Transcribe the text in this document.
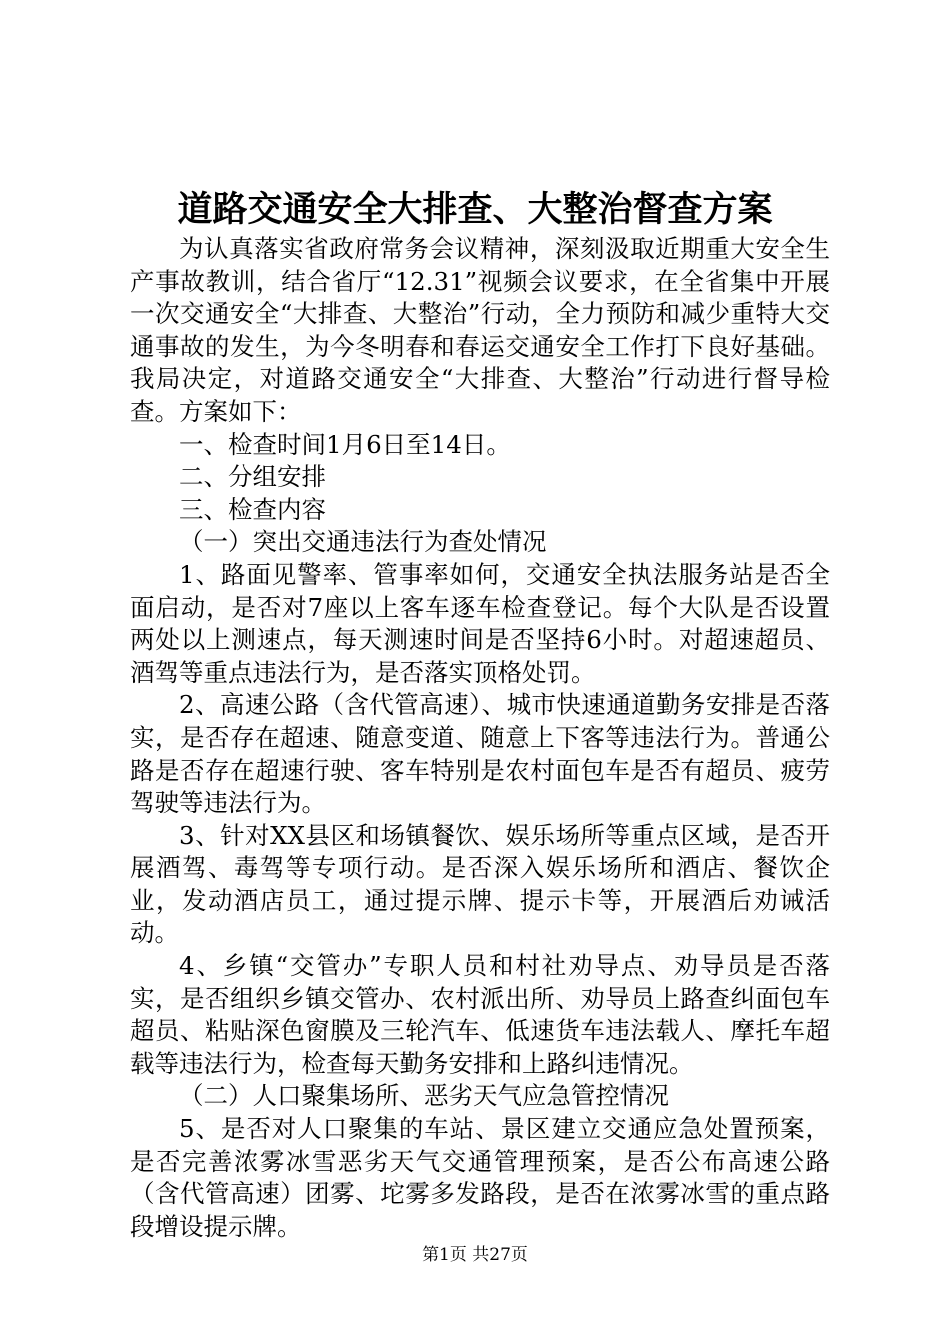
道路交通安全大排查、大整治督查方案

为认真落实省政府常务会议精神，深刻汲取近期重大安全生产事故教训，结合省厅“12.31”视频会议要求，在全省集中开展一次交通安全“大排查、大整治”行动，全力预防和减少重特大交通事故的发生，为今冬明春和春运交通安全工作打下良好基础。我局决定，对道路交通安全“大排查、大整治”行动进行督导检查。方案如下：

一、检查时间1月6日至14日。

二、分组安排

三、检查内容

（一）突出交通违法行为查处情况

1、路面见警率、管事率如何，交通安全执法服务站是否全面启动，是否对7座以上客车逐车检查登记。每个大队是否设置两处以上测速点，每天测速时间是否坚持6小时。对超速超员、酒驾等重点违法行为，是否落实顶格处罚。

2、高速公路（含代管高速）、城市快速通道勤务安排是否落实，是否存在超速、随意变道、随意上下客等违法行为。普通公路是否存在超速行驶、客车特别是农村面包车是否有超员、疲劳驾驶等违法行为。

3、针对XX县区和场镇餐饮、娱乐场所等重点区域，是否开展酒驾、毒驾等专项行动。是否深入娱乐场所和酒店、餐饮企业，发动酒店员工，通过提示牌、提示卡等，开展酒后劝诫活动。

4、乡镇“交管办”专职人员和村社劝导点、劝导员是否落实，是否组织乡镇交管办、农村派出所、劝导员上路查纠面包车超员、粘贴深色窗膜及三轮汽车、低速货车违法载人、摩托车超载等违法行为，检查每天勤务安排和上路纠违情况。

（二）人口聚集场所、恶劣天气应急管控情况

5、是否对人口聚集的车站、景区建立交通应急处置预案，是否完善浓雾冰雪恶劣天气交通管理预案，是否公布高速公路（含代管高速）团雾、坨雾多发路段，是否在浓雾冰雪的重点路段增设提示牌。

第1页 共27页
